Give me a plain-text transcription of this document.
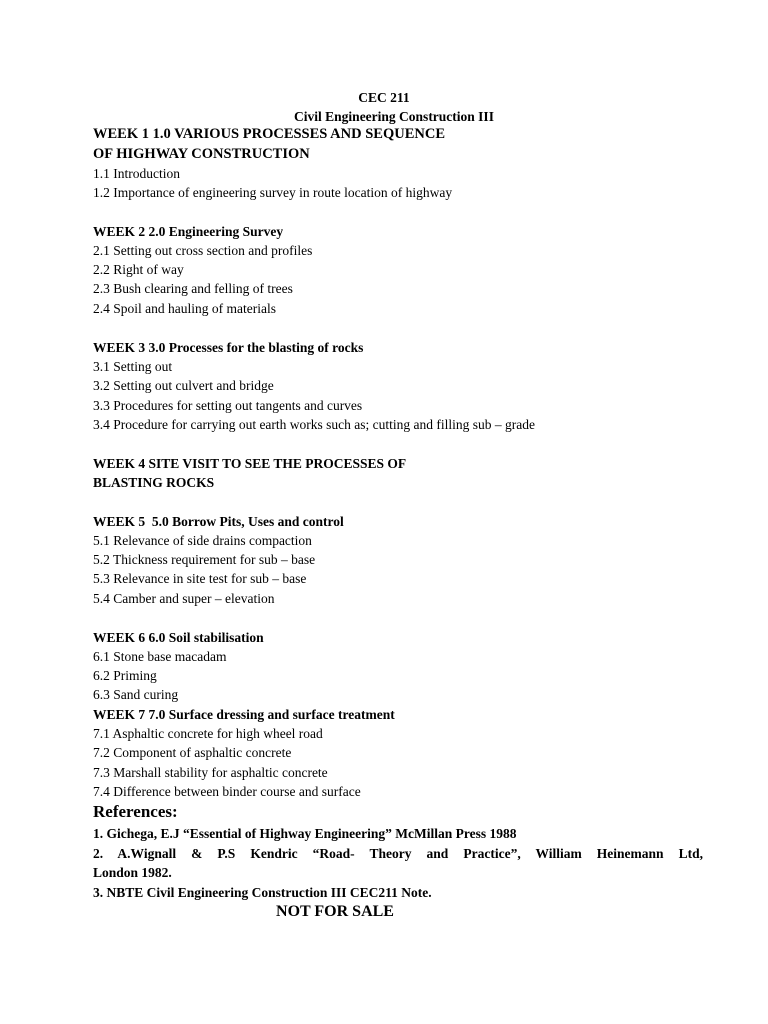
CEC 211
Civil Engineering Construction III
WEEK 1 1.0 VARIOUS PROCESSES AND SEQUENCE
OF HIGHWAY CONSTRUCTION
1.1 Introduction
1.2 Importance of engineering survey in route location of highway
WEEK 2 2.0 Engineering Survey
2.1 Setting out cross section and profiles
2.2 Right of way
2.3 Bush clearing and felling of trees
2.4 Spoil and hauling of materials
WEEK 3 3.0 Processes for the blasting of rocks
3.1 Setting out
3.2 Setting out culvert and bridge
3.3 Procedures for setting out tangents and curves
3.4 Procedure for carrying out earth works such as; cutting and filling sub – grade
WEEK 4 SITE VISIT TO SEE THE PROCESSES OF
BLASTING ROCKS
WEEK 5  5.0 Borrow Pits, Uses and control
5.1 Relevance of side drains compaction
5.2 Thickness requirement for sub – base
5.3 Relevance in site test for sub – base
5.4 Camber and super – elevation
WEEK 6 6.0 Soil stabilisation
6.1 Stone base macadam
6.2 Priming
6.3 Sand curing
WEEK 7 7.0 Surface dressing and surface treatment
7.1 Asphaltic concrete for high wheel road
7.2 Component of asphaltic concrete
7.3 Marshall stability for asphaltic concrete
7.4 Difference between binder course and surface
References:
1. Gichega, E.J “Essential of Highway Engineering” McMillan Press 1988
2. A.Wignall & P.S Kendric “Road- Theory and Practice”, William Heinemann Ltd,
London 1982.
3. NBTE Civil Engineering Construction III CEC211 Note.
NOT FOR SALE
